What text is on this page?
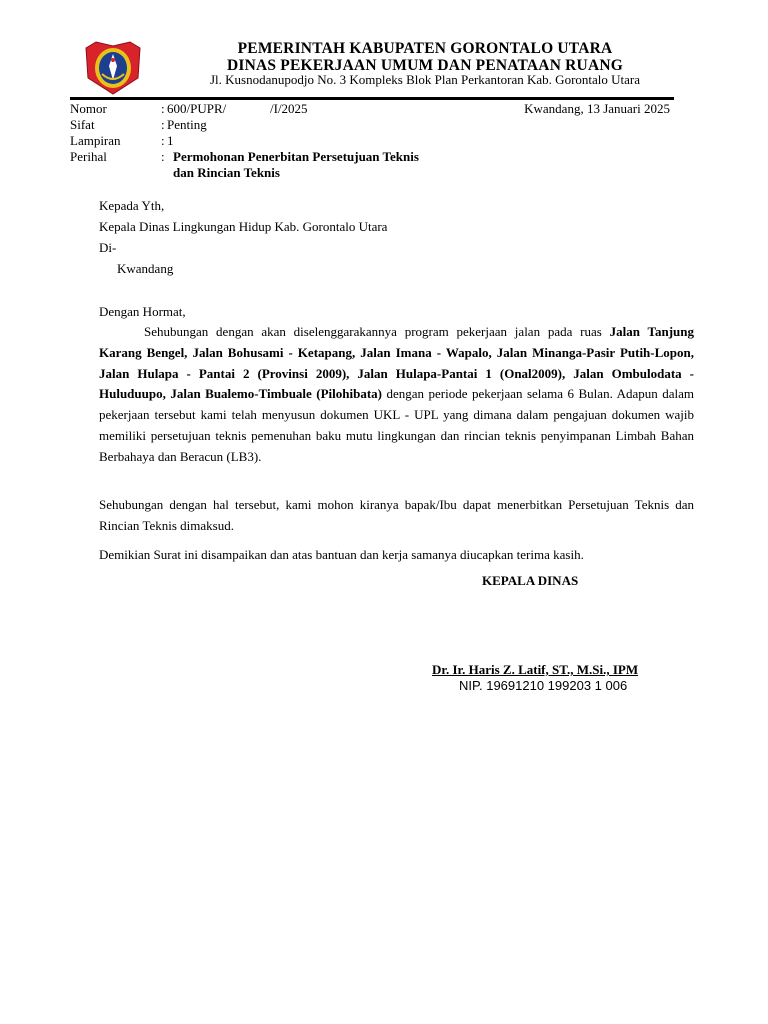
PEMERINTAH KABUPATEN GORONTALO UTARA
DINAS PEKERJAAN UMUM DAN PENATAAN RUANG
Jl. Kusnodanupodjo No. 3 Kompleks Blok Plan Perkantoran Kab. Gorontalo Utara
Nomor	: 600/PUPR/	/I/2025	Kwandang, 13 Januari 2025
Sifat	: Penting
Lampiran	: 1
Perihal	: Permohonan Penerbitan Persetujuan Teknis
dan Rincian Teknis
Kepada Yth,
Kepala Dinas Lingkungan Hidup Kab. Gorontalo Utara
Di-
Kwandang
Dengan Hormat,
Sehubungan dengan akan diselenggarakannya program pekerjaan jalan pada ruas Jalan Tanjung Karang Bengel, Jalan Bohusami - Ketapang, Jalan Imana - Wapalo, Jalan Minanga-Pasir Putih-Lopon, Jalan Hulapa - Pantai 2 (Provinsi 2009), Jalan Hulapa-Pantai 1 (Onal2009), Jalan Ombulodata - Huluduupo, Jalan Bualemo-Timbuale (Pilohibata) dengan periode pekerjaan selama 6 Bulan. Adapun dalam pekerjaan tersebut kami telah menyusun dokumen UKL - UPL yang dimana dalam pengajuan dokumen wajib memiliki persetujuan teknis pemenuhan baku mutu lingkungan dan rincian teknis penyimpanan Limbah Bahan Berbahaya dan Beracun (LB3).
Sehubungan dengan hal tersebut, kami mohon kiranya bapak/Ibu dapat menerbitkan Persetujuan Teknis dan Rincian Teknis dimaksud.
Demikian Surat ini disampaikan dan atas bantuan dan kerja samanya diucapkan terima kasih.
KEPALA DINAS
Dr. Ir. Haris Z. Latif, ST., M.Si., IPM
NIP. 19691210 199203 1 006
